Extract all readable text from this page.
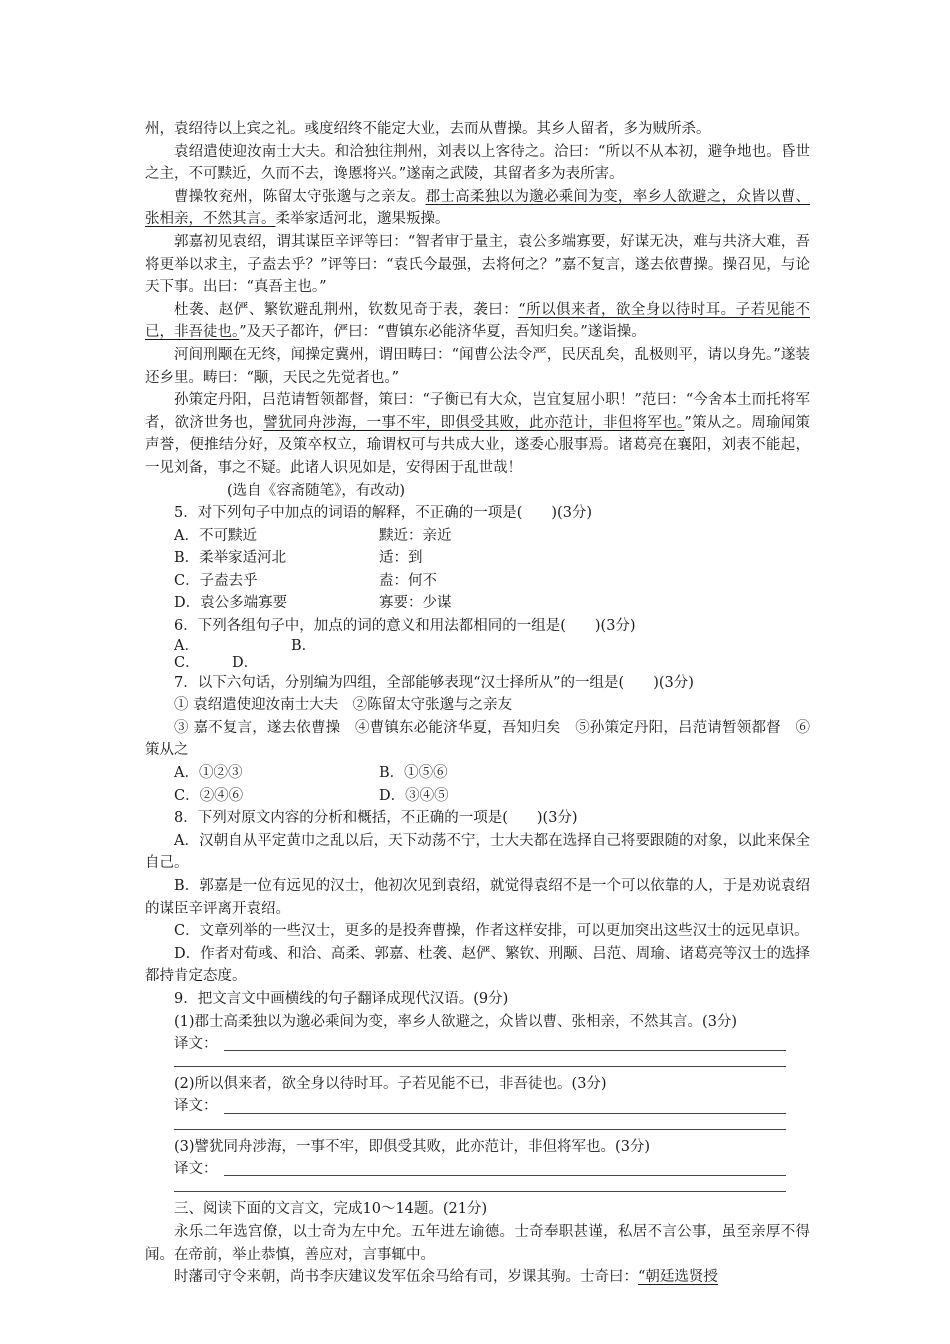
州，袁绍待以上宾之礼。彧度绍终不能定大业，去而从曹操。其乡人留者，多为贼所杀。

袁绍遣使迎汝南士大夫。和洽独往荆州，刘表以上客待之。洽曰：“所以不从本初，避争地也。昏世之主，不可黩近，久而不去，谗慝将兴。”遂南之武陵，其留者多为表所害。

曹操牧兖州，陈留太守张邈与之亲友。郡士高柔独以为邈必乘间为变，率乡人欲避之，众皆以曹、张相亲，不然其言。柔举家适河北，邈果叛操。

郭嘉初见袁绍，谓其谋臣辛评等曰：“智者审于量主，袁公多端寡要，好谋无决，难与共济大难，吾将更举以求主，子盍去乎？”评等曰：“袁氏今最强，去将何之？”嘉不复言，遂去依曹操。操召见，与论天下事。出曰：“真吾主也。”

杜袭、赵俨、繁钦避乱荆州，钦数见奇于表，袭曰：“所以俱来者，欲全身以待时耳。子若见能不已，非吾徒也。”及天子都许，俨曰：“曹镇东必能济华夏，吾知归矣。”遂诣操。

河间刑颙在无终，闻操定冀州，谓田畴曰：“闻曹公法令严，民厌乱矣，乱极则平，请以身先。”遂装还乡里。畴曰：“颙，天民之先觉者也。”

孙策定丹阳，吕范请暂领都督，策曰：“子衡已有大众，岂宜复屈小职！”范曰：“今舍本土而托将军者，欲济世务也，譬犹同舟涉海，一事不牢，即俱受其败，此亦范计，非但将军也。”策从之。周瑜闻策声誉，便推结分好，及策卒权立，瑜谓权可与共成大业，遂委心服事焉。诸葛亮在襄阳，刘表不能起，一见刘备，事之不疑。此诸人识见如是，安得困于乱世哉！

(选自《容斋随笔》，有改动)

5．对下列句子中加点的词语的解释，不正确的一项是(　　)(3分)

A．不可黩近	黩近：亲近
B．柔举家适河北	适：到
C．子盍去乎	盍：何不
D．袁公多端寡要	寡要：少谋

6．下列各组句子中，加点的词的意义和用法都相同的一组是(　　)(3分)

A．	B．
C．	D．

7．以下六句话，分别编为四组，全部能够表现“汉士择所从”的一组是(　　)(3分)

① 袁绍遣使迎汝南士大夫　②陈留太守张邈与之亲友

③ 嘉不复言，遂去依曹操　④曹镇东必能济华夏，吾知归矣　⑤孙策定丹阳，吕范请暂领都督　⑥策从之

A．①②③	B．①⑤⑥
C．②④⑥	D．③④⑤

8．下列对原文内容的分析和概括，不正确的一项是(　　)(3分)

A．汉朝自从平定黄巾之乱以后，天下动荡不宁，士大夫都在选择自己将要跟随的对象，以此来保全自己。

B．郭嘉是一位有远见的汉士，他初次见到袁绍，就觉得袁绍不是一个可以依靠的人，于是劝说袁绍的谋臣辛评离开袁绍。

C．文章列举的一些汉士，更多的是投奔曹操，作者这样安排，可以更加突出这些汉士的远见卓识。

D．作者对荀彧、和洽、高柔、郭嘉、杜袭、赵俨、繁钦、刑颙、吕范、周瑜、诸葛亮等汉士的选择都持肯定态度。

9．把文言文中画横线的句子翻译成现代汉语。(9分)

(1)郡士高柔独以为邈必乘间为变，率乡人欲避之，众皆以曹、张相亲，不然其言。(3分)

译文：

(2)所以俱来者，欲全身以待时耳。子若见能不已，非吾徒也。(3分)

译文：

(3)譬犹同舟涉海，一事不牢，即俱受其败，此亦范计，非但将军也。(3分)

译文：

三、阅读下面的文言文，完成10～14题。(21分)

永乐二年选宫僚，以士奇为左中允。五年进左谕德。士奇奉职甚谨，私居不言公事，虽至亲厚不得闻。在帝前，举止恭慎，善应对，言事辄中。

时藩司守令来朝，尚书李庆建议发军伍余马给有司，岁课其驹。士奇曰：“朝廷选贤授
